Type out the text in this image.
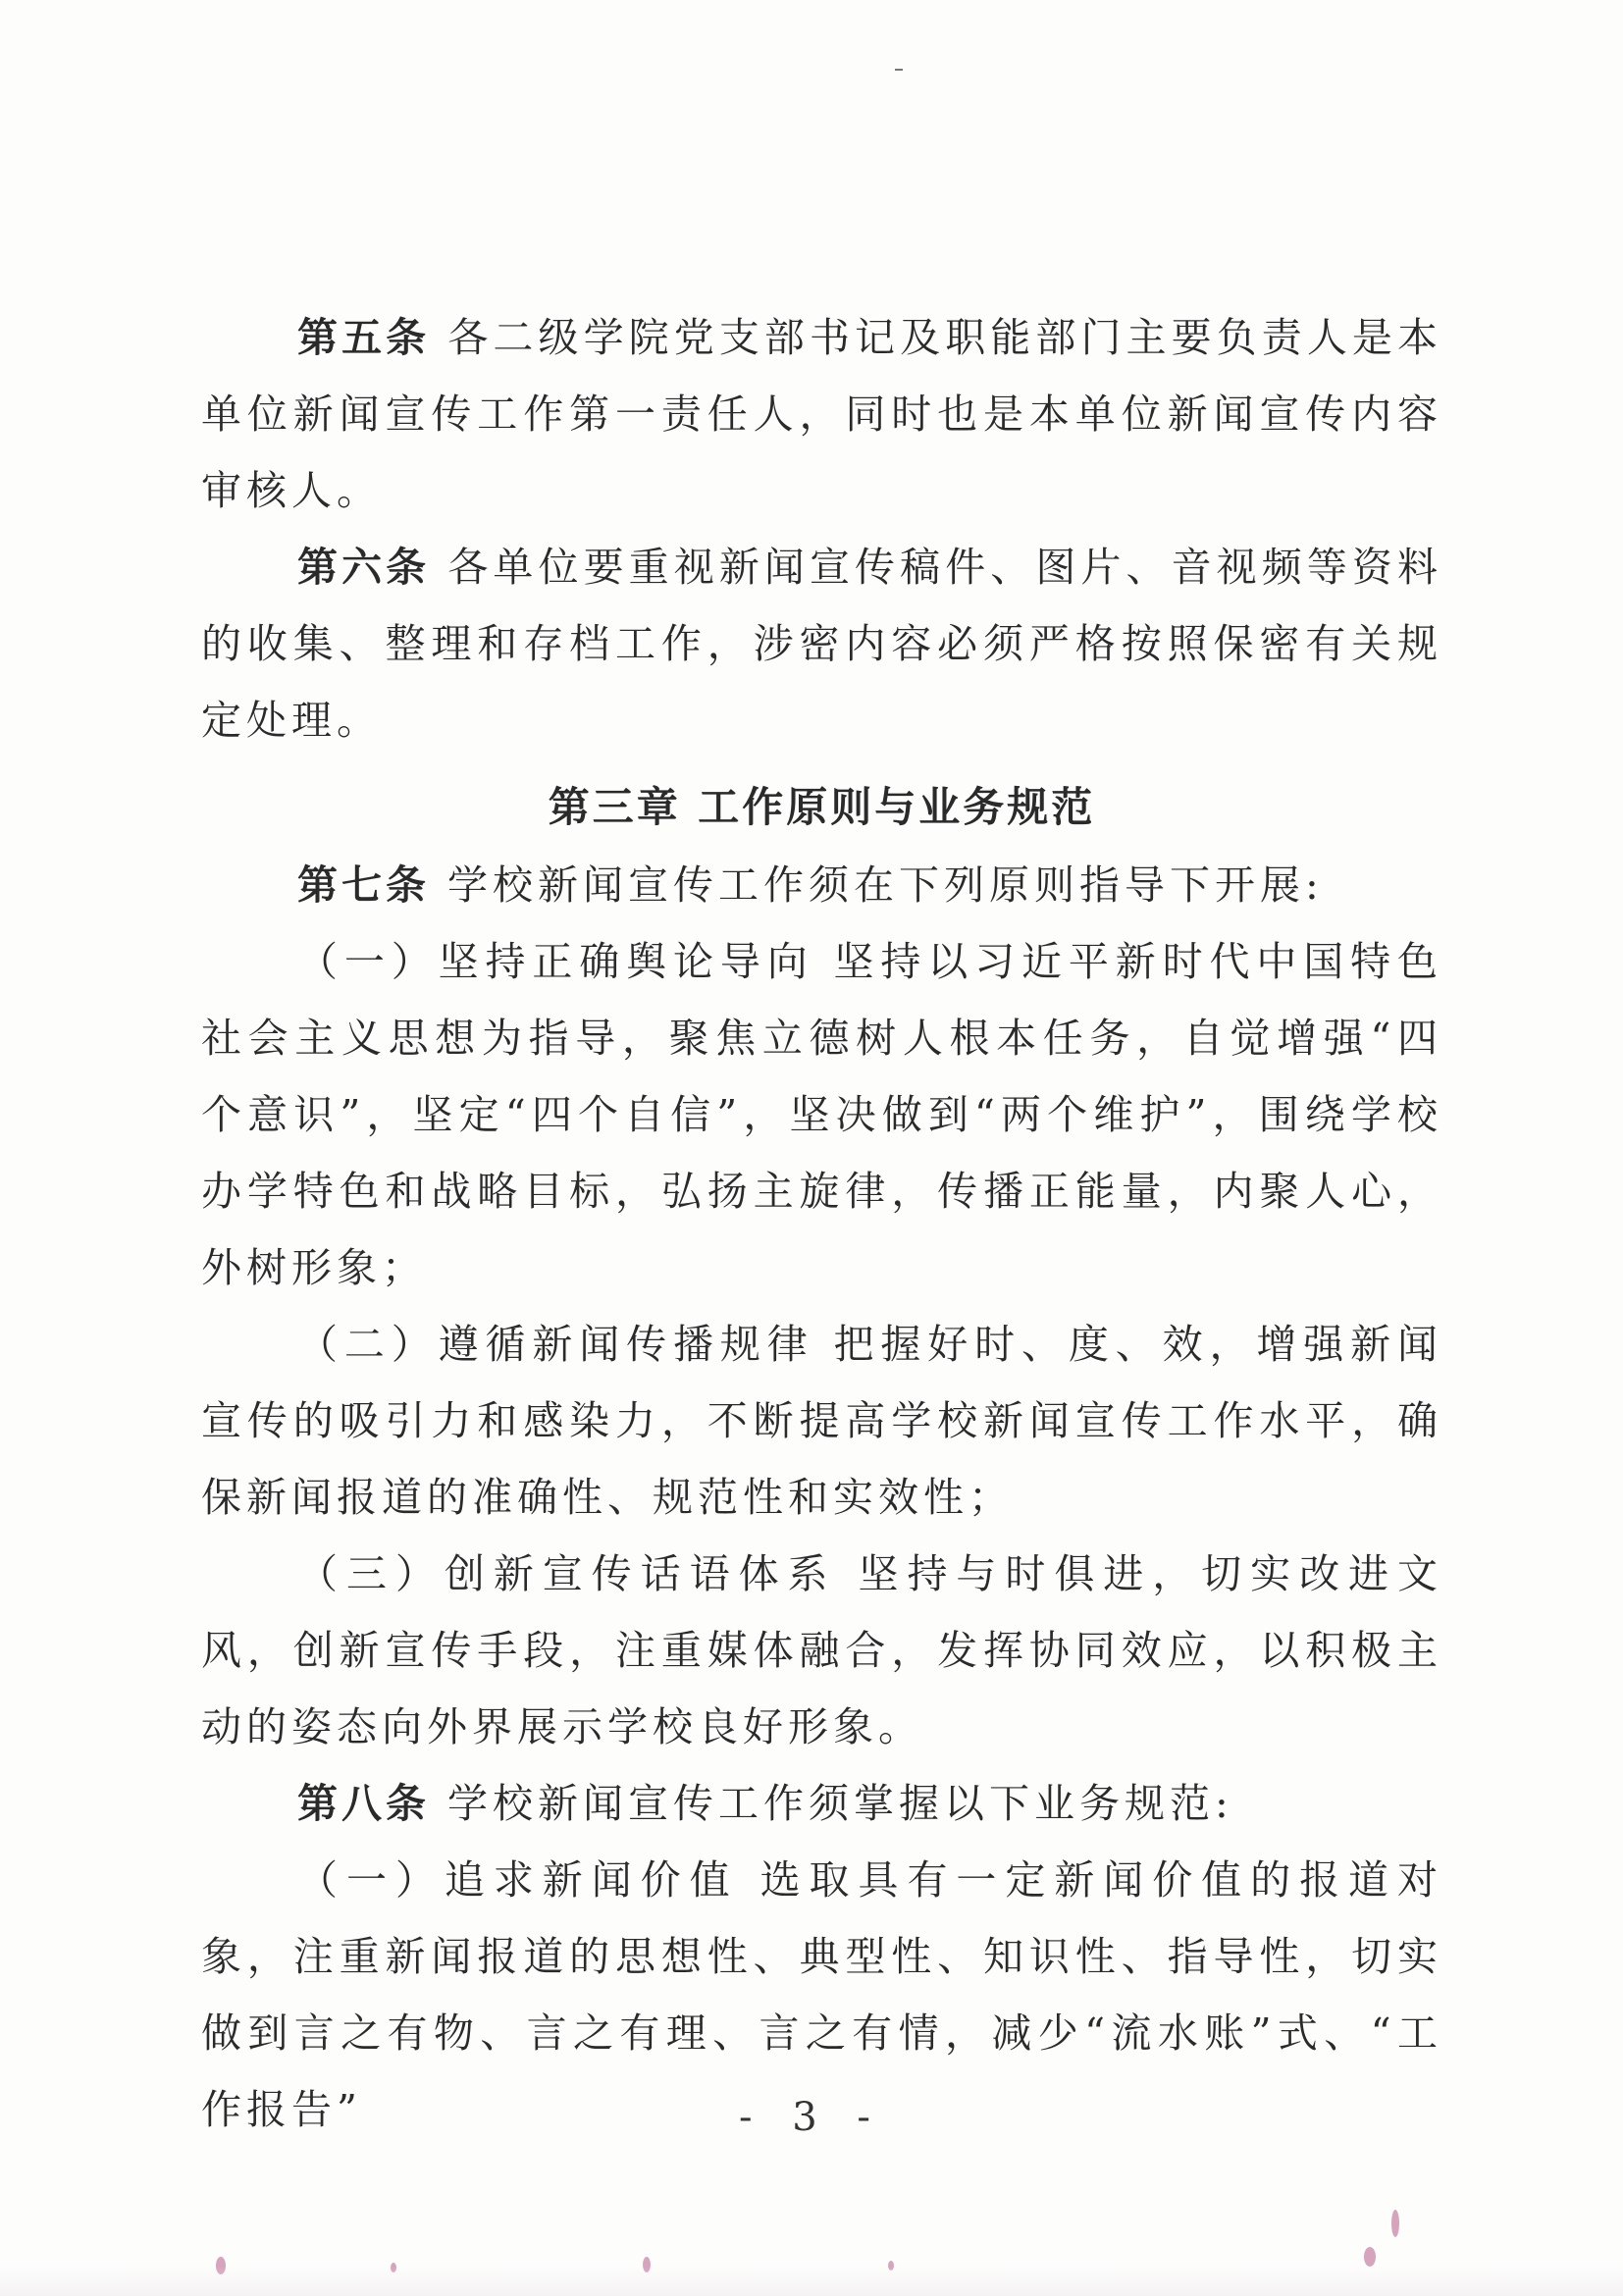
第五条 各二级学院党支部书记及职能部门主要负责人是本单位新闻宣传工作第一责任人，同时也是本单位新闻宣传内容审核人。

第六条 各单位要重视新闻宣传稿件、图片、音视频等资料的收集、整理和存档工作，涉密内容必须严格按照保密有关规定处理。

第三章 工作原则与业务规范

第七条 学校新闻宣传工作须在下列原则指导下开展:

（一）坚持正确舆论导向 坚持以习近平新时代中国特色社会主义思想为指导，聚焦立德树人根本任务，自觉增强“四个意识”，坚定“四个自信”，坚决做到“两个维护”，围绕学校办学特色和战略目标，弘扬主旋律，传播正能量，内聚人心，外树形象；

（二）遵循新闻传播规律 把握好时、度、效，增强新闻宣传的吸引力和感染力，不断提高学校新闻宣传工作水平，确保新闻报道的准确性、规范性和实效性；

（三）创新宣传话语体系 坚持与时俱进，切实改进文风，创新宣传手段，注重媒体融合，发挥协同效应，以积极主动的姿态向外界展示学校良好形象。

第八条 学校新闻宣传工作须掌握以下业务规范:

（一）追求新闻价值 选取具有一定新闻价值的报道对象，注重新闻报道的思想性、典型性、知识性、指导性，切实做到言之有物、言之有理、言之有情，减少“流水账”式、“工作报告”	- 3 -
